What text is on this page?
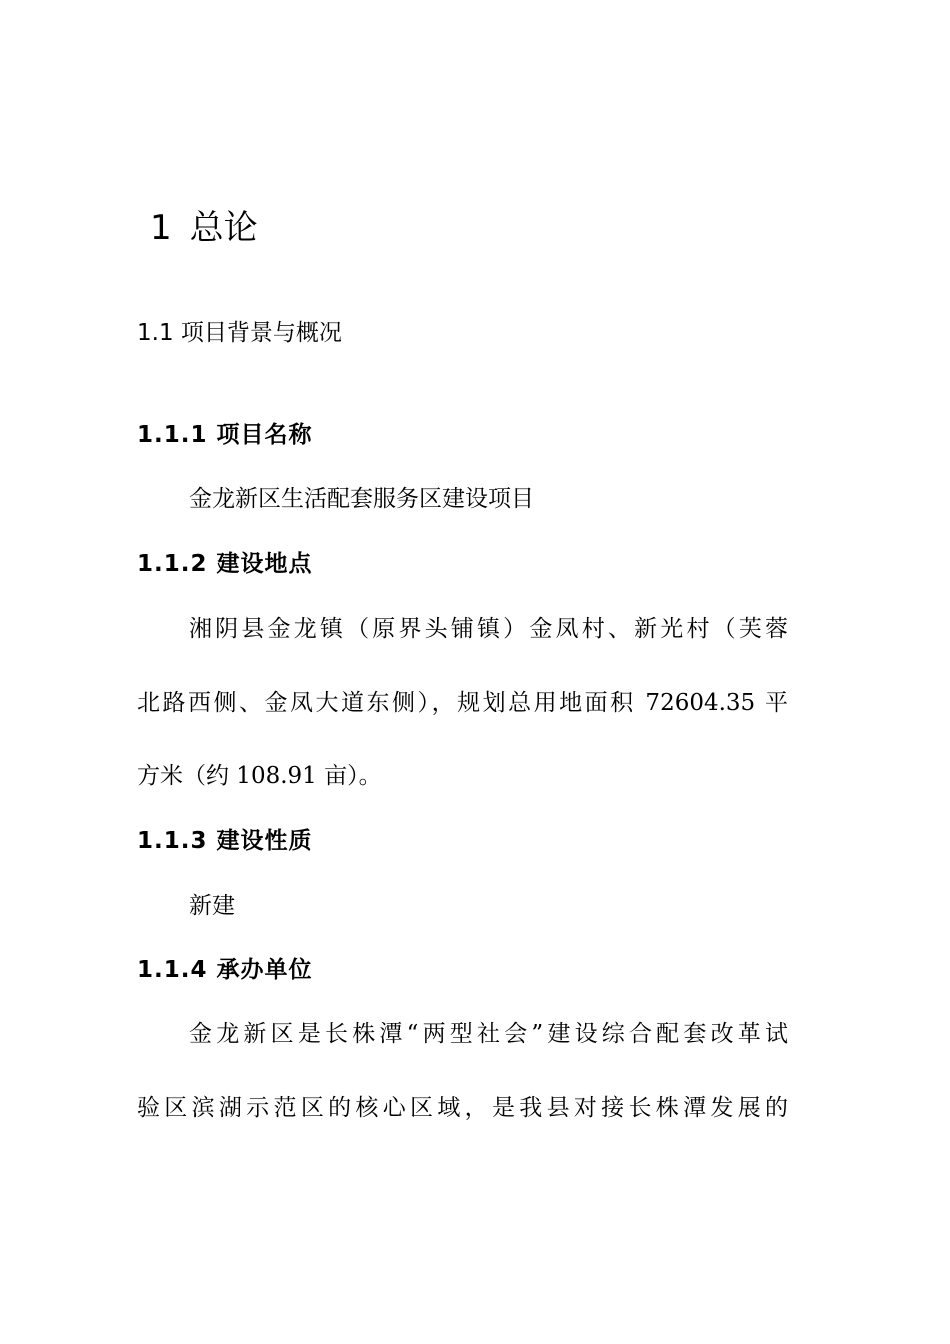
1 总论
1.1 项目背景与概况
1.1.1 项目名称

金龙新区生活配套服务区建设项目

1.1.2 建设地点

湘阴县金龙镇（原界头铺镇）金凤村、新光村（芙蓉

北路西侧、金凤大道东侧），规划总用地面积 72604.35 平

方米（约 108.91 亩）。

1.1.3 建设性质

新建

1.1.4 承办单位

金龙新区是长株潭“两型社会”建设综合配套改革试

验区滨湖示范区的核心区域，是我县对接长株潭发展的
